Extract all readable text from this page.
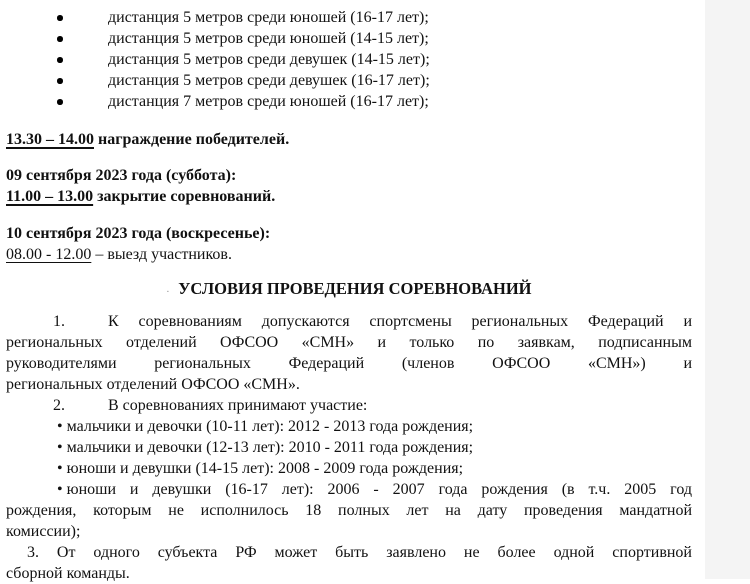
дистанция 5 метров среди юношей (16-17 лет);
дистанция 5 метров среди юношей (14-15 лет);
дистанция 5 метров среди девушек (14-15 лет);
дистанция 5 метров среди девушек (16-17 лет);
дистанция 7 метров среди юношей (16-17 лет);
13.30 – 14.00 награждение победителей.
09 сентября 2023 года (суббота):
11.00 – 13.00 закрытие соревнований.
10 сентября 2023 года (воскресенье):
08.00 - 12.00 – выезд участников.
. УСЛОВИЯ ПРОВЕДЕНИЯ СОРЕВНОВАНИЙ
1.	К соревнованиям допускаются спортсмены региональных Федераций и
региональных отделений ОФСОО «СМН» и только по заявкам, подписанным
руководителями региональных Федераций (членов ОФСОО «СМН») и
региональных отделений ОФСОО «СМН».
2.	В соревнованиях принимают участие:
• мальчики и девочки (10-11 лет): 2012 - 2013 года рождения;
• мальчики и девочки (12-13 лет): 2010 - 2011 года рождения;
• юноши и девушки (14-15 лет): 2008 - 2009 года рождения;
• юноши и девушки (16-17 лет): 2006 - 2007 года рождения (в т.ч. 2005 год
рождения, которым не исполнилось 18 полных лет на дату проведения мандатной
комиссии);
3. От одного субъекта РФ может быть заявлено не более одной спортивной
сборной команды.
